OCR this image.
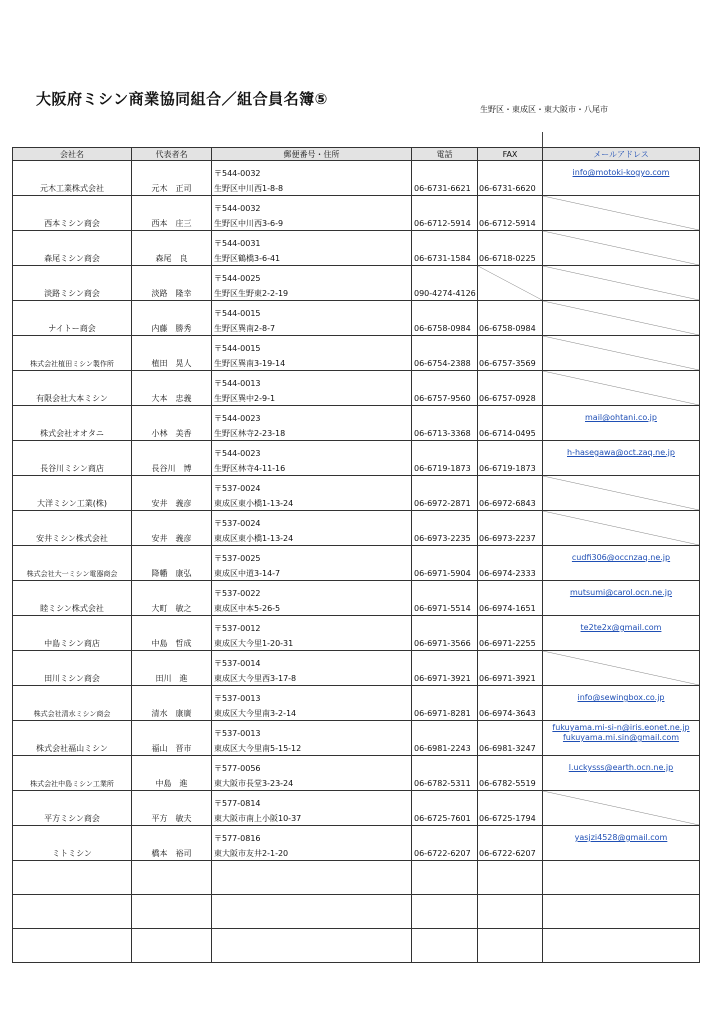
大阪府ミシン商業協同組合／組合員名簿⑤
生野区・東成区・東大阪市・八尾市
会社名	代表者名	郵便番号・住所	電話	FAX	メールアドレス
元木工業株式会社	元木　正司	〒544-0032
生野区中川西1-8-8	06-6731-6621	06-6731-6620	info@motoki-kogyo.com

西本ミシン商会	西本　庄三	〒544-0032
生野区中川西3-6-9	06-6712-5914	06-6712-5914	

森尾ミシン商会	森尾　良	〒544-0031
生野区鶴橋3-6-41	06-6731-1584	06-6718-0225	

淡路ミシン商会	淡路　隆幸	〒544-0025
生野区生野東2-2-19	090-4274-4126	

ナイトー商会	内藤　勝秀	〒544-0015
生野区巽南2-8-7	06-6758-0984	06-6758-0984	

株式会社植田ミシン製作所	植田　晃人	〒544-0015
生野区巽南3-19-14	06-6754-2388	06-6757-3569	

有限会社大本ミシン	大本　忠義	〒544-0013
生野区巽中2-9-1	06-6757-9560	06-6757-0928	

株式会社オオタニ	小林　美香	〒544-0023
生野区林寺2-23-18	06-6713-3368	06-6714-0495	mail@ohtani.co.jp

長谷川ミシン商店	長谷川　博	〒544-0023
生野区林寺4-11-16	06-6719-1873	06-6719-1873	h-hasegawa@oct.zaq.ne.jp

大洋ミシン工業(株)	安井　義彦	〒537-0024
東成区東小橋1-13-24	06-6972-2871	06-6972-6843	

安井ミシン株式会社	安井　義彦	〒537-0024
東成区東小橋1-13-24	06-6973-2235	06-6973-2237	

株式会社大一ミシン電器商会	降幡　康弘	〒537-0025
東成区中道3-14-7	06-6971-5904	06-6974-2333	cudfi306@occnzaq.ne.jp

睦ミシン株式会社	大町　敏之	〒537-0022
東成区中本5-26-5	06-6971-5514	06-6974-1651	mutsumi@carol.ocn.ne.jp

中島ミシン商店	中島　哲成	〒537-0012
東成区大今里1-20-31	06-6971-3566	06-6971-2255	te2te2x@gmail.com

田川ミシン商会	田川　進	〒537-0014
東成区大今里西3-17-8	06-6971-3921	06-6971-3921	

株式会社清水ミシン商会	清水　康廣	〒537-0013
東成区大今里南3-2-14	06-6971-8281	06-6974-3643	info@sewingbox.co.jp

株式会社福山ミシン	福山　晋市	〒537-0013
東成区大今里南5-15-12	06-6981-2243	06-6981-3247	fukuyama.mi-si-n@iris.eonet.ne.jp
fukuyama.mi.sin@gmail.com

株式会社中島ミシン工業所	中島　進	〒577-0056
東大阪市長堂3-23-24	06-6782-5311	06-6782-5519	l.uckysss@earth.ocn.ne.jp

平方ミシン商会	平方　敏夫	〒577-0814
東大阪市南上小阪10-37	06-6725-7601	06-6725-1794	

ミトミシン	橋本　裕司	〒577-0816
東大阪市友井2-1-20	06-6722-6207	06-6722-6207	yasjzi4528@gmail.com
